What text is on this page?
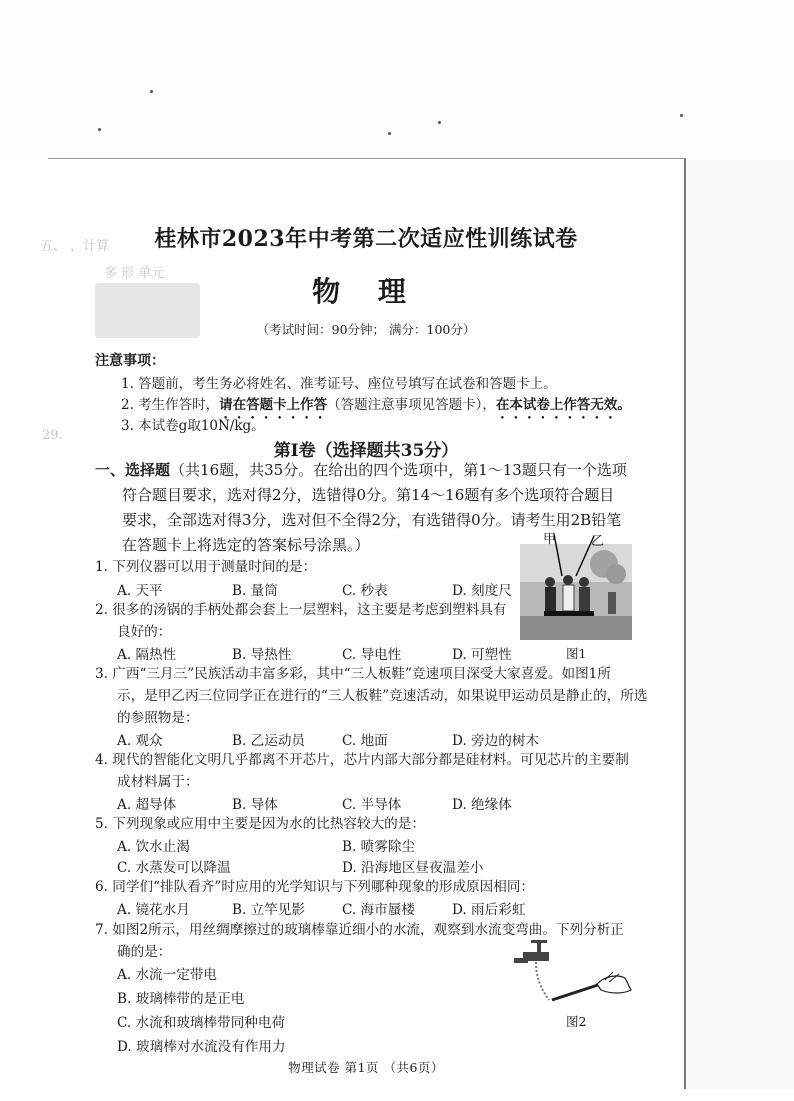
五、 ，计算
多 形 单元
29.
桂林市2023年中考第二次适应性训练试卷
物 理
（考试时间：90分钟； 满分：100分）
注意事项：
1. 答题前，考生务必将姓名、准考证号、座位号填写在试卷和答题卡上。
2. 考生作答时，请在答题卡上作答（答题注意事项见答题卡），在本试卷上作答无效。
3. 本试卷g取10N/kg。
第Ⅰ卷（选择题共35分）
一、选择题（共16题，共35分。在给出的四个选项中，第1～13题只有一个选项
符合题目要求，选对得2分，选错得0分。第14～16题有多个选项符合题目
要求，全部选对得3分，选对但不全得2分，有选错得0分。请考生用2B铅笔
在答题卡上将选定的答案标号涂黑。）	甲	乙
图1
1. 下列仪器可以用于测量时间的是：
A. 天平	B. 量筒	C. 秒表	D. 刻度尺
2. 很多的汤锅的手柄处都会套上一层塑料，这主要是考虑到塑料具有
良好的：
A. 隔热性	B. 导热性	C. 导电性	D. 可塑性
3. 广西“三月三”民族活动丰富多彩，其中“三人板鞋”竞速项目深受大家喜爱。如图1所
示，是甲乙丙三位同学正在进行的“三人板鞋”竞速活动，如果说甲运动员是静止的，所选
的参照物是：
A. 观众	B. 乙运动员	C. 地面	D. 旁边的树木
4. 现代的智能化文明几乎都离不开芯片，芯片内部大部分都是硅材料。可见芯片的主要制
成材料属于：
A. 超导体	B. 导体	C. 半导体	D. 绝缘体
5. 下列现象或应用中主要是因为水的比热容较大的是：
A. 饮水止渴	B. 喷雾除尘
C. 水蒸发可以降温	D. 沿海地区昼夜温差小
6. 同学们“排队看齐”时应用的光学知识与下列哪种现象的形成原因相同：
A. 镜花水月	B. 立竿见影	C. 海市蜃楼	D. 雨后彩虹
7. 如图2所示，用丝绸摩擦过的玻璃棒靠近细小的水流，观察到水流变弯曲。下列分析正
确的是：
A. 水流一定带电
B. 玻璃棒带的是正电
C. 水流和玻璃棒带同种电荷
D. 玻璃棒对水流没有作用力
图2
物理试卷 第1页 （共6页）
